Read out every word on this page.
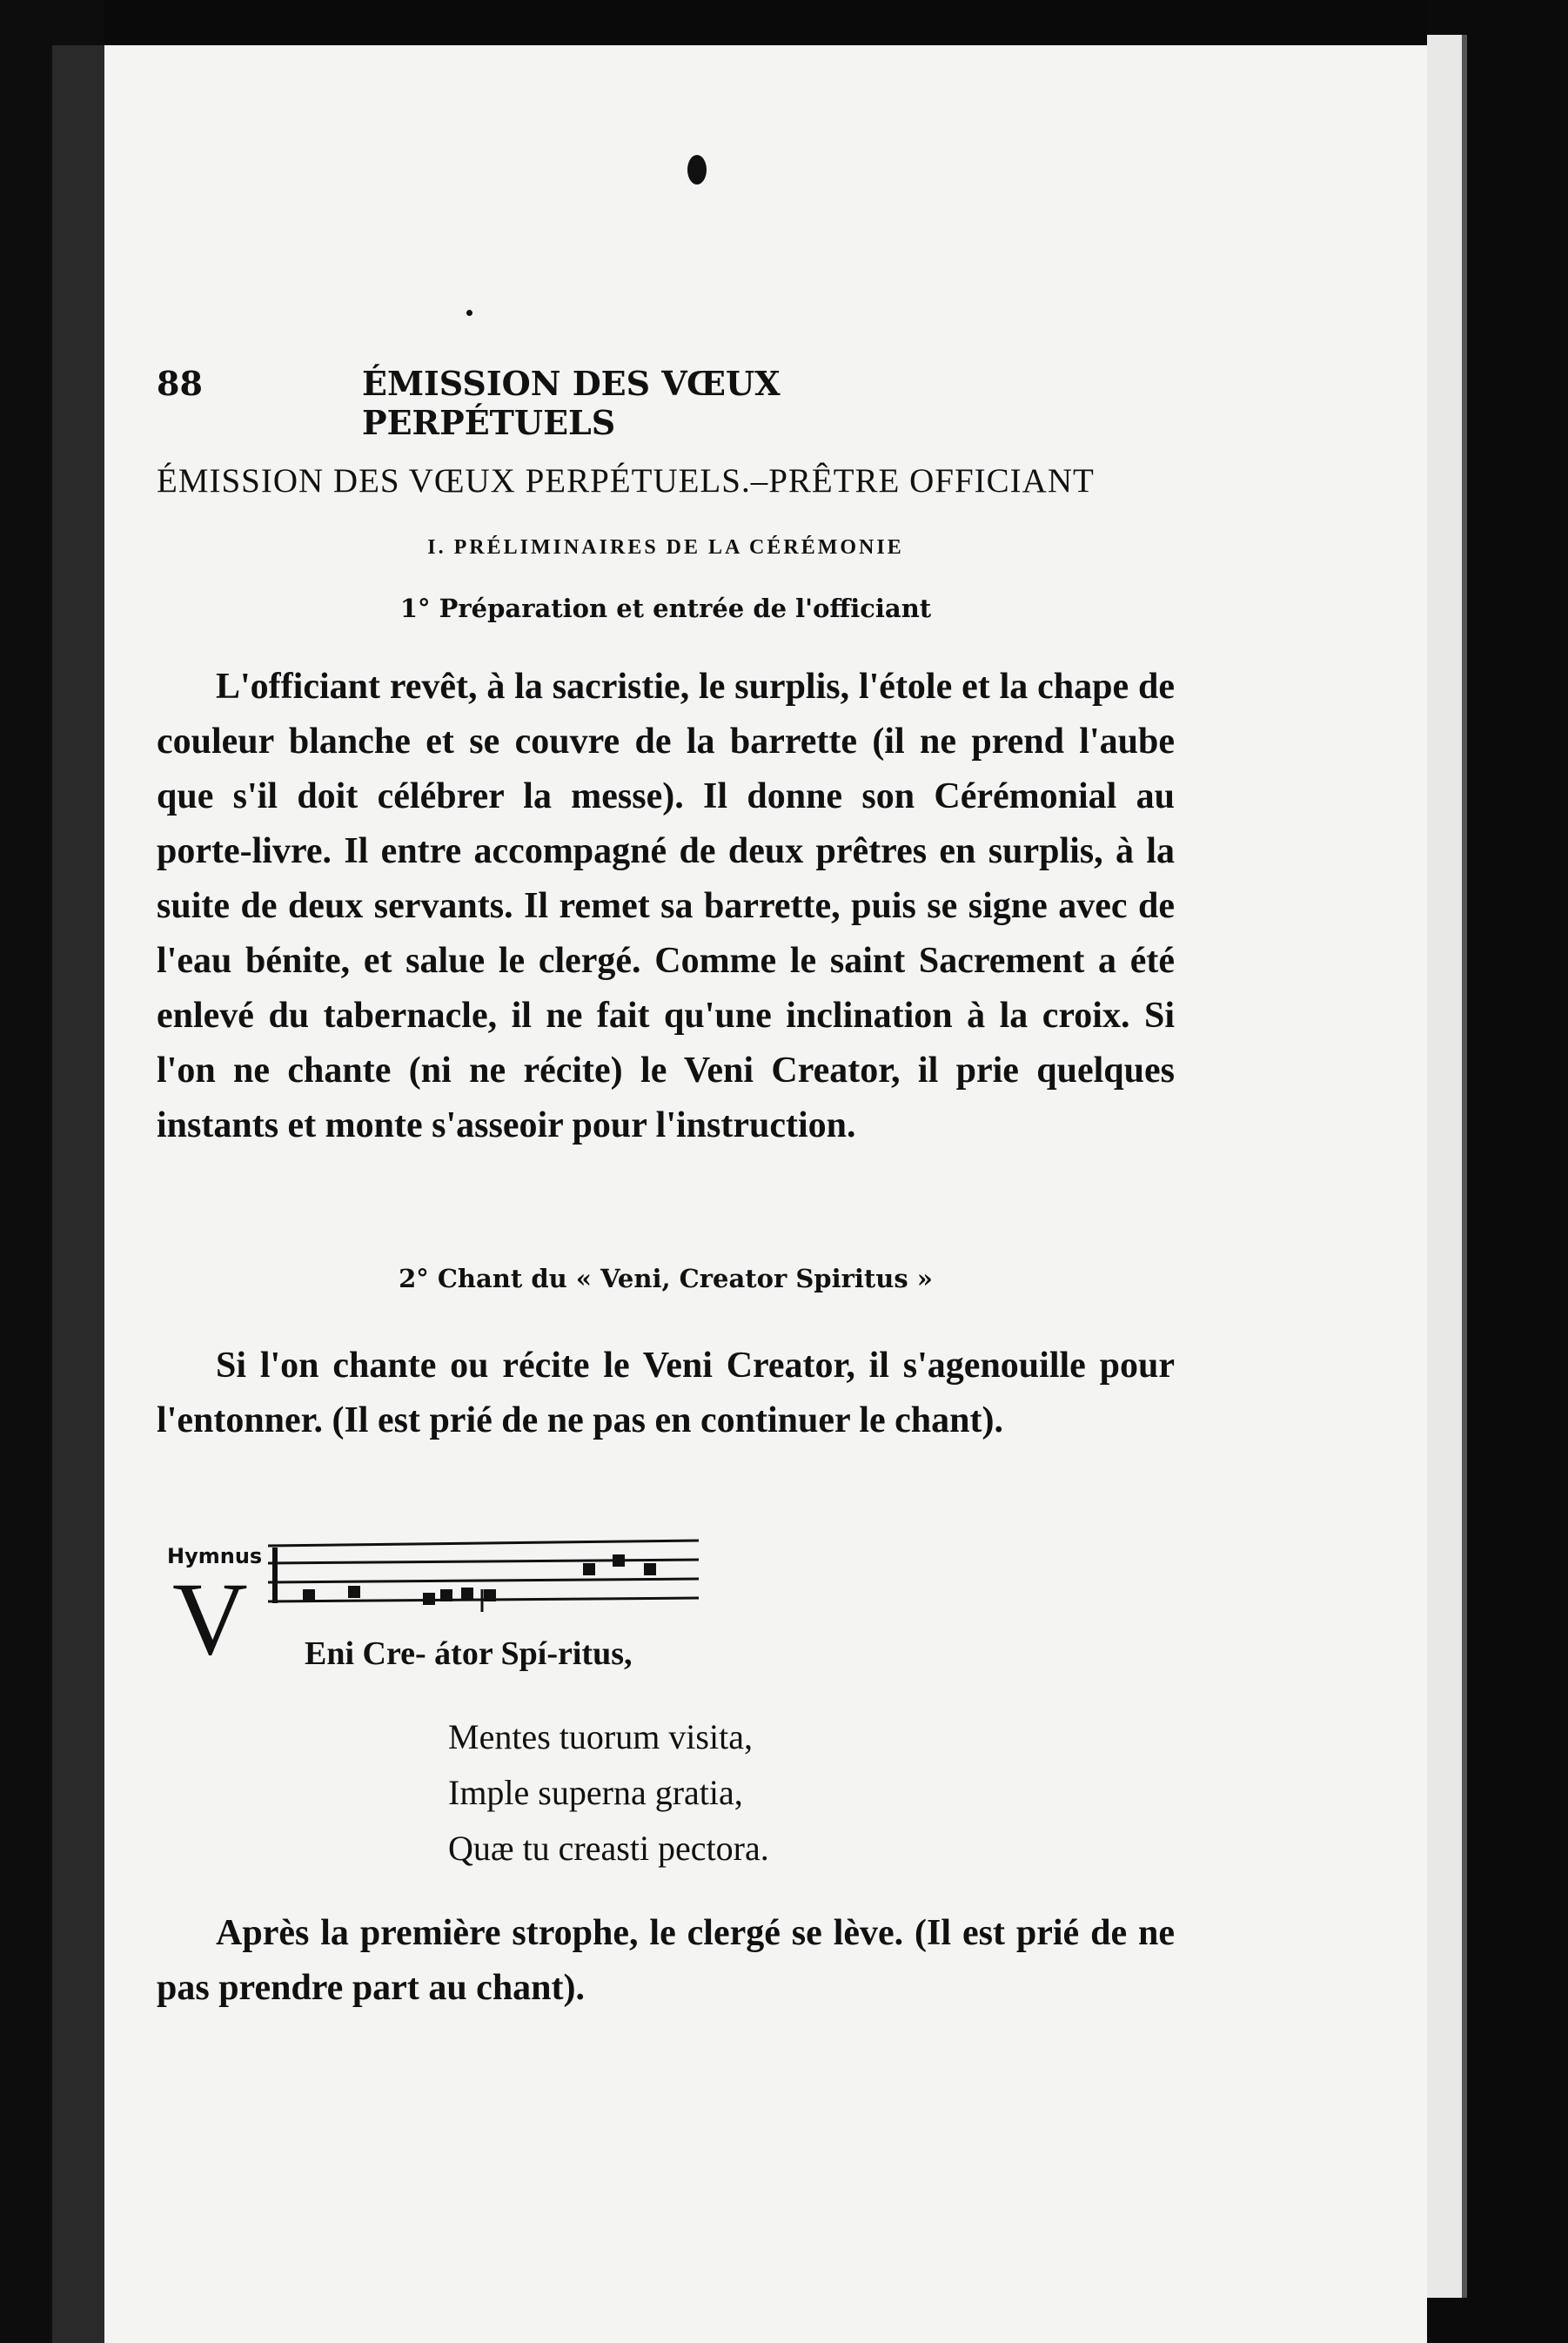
88	ÉMISSION DES VŒUX PERPÉTUELS
ÉMISSION DES VŒUX PERPÉTUELS.–PRÊTRE OFFICIANT
I. PRÉLIMINAIRES DE LA CÉRÉMONIE
1° Préparation et entrée de l'officiant

L'officiant revêt, à la sacristie, le surplis, l'étole et la chape de couleur blanche et se couvre de la barrette (il ne prend l'aube que s'il doit célébrer la messe). Il donne son Cérémonial au porte-livre. Il entre accompagné de deux prêtres en surplis, à la suite de deux servants. Il remet sa barrette, puis se signe avec de l'eau bénite, et salue le clergé. Comme le saint Sacrement a été enlevé du tabernacle, il ne fait qu'une inclination à la croix. Si l'on ne chante (ni ne récite) le Veni Creator, il prie quelques instants et monte s'asseoir pour l'instruction.

2° Chant du « Veni, Creator Spiritus »

Si l'on chante ou récite le Veni Creator, il s'agenouille pour l'entonner. (Il est prié de ne pas en continuer le chant).

Hymnus
V Eni Cre- átor Spí-ritus,
Mentes tuorum visita,
Imple superna gratia,
Quæ tu creasti pectora.

Après la première strophe, le clergé se lève. (Il est prié de ne pas prendre part au chant).
